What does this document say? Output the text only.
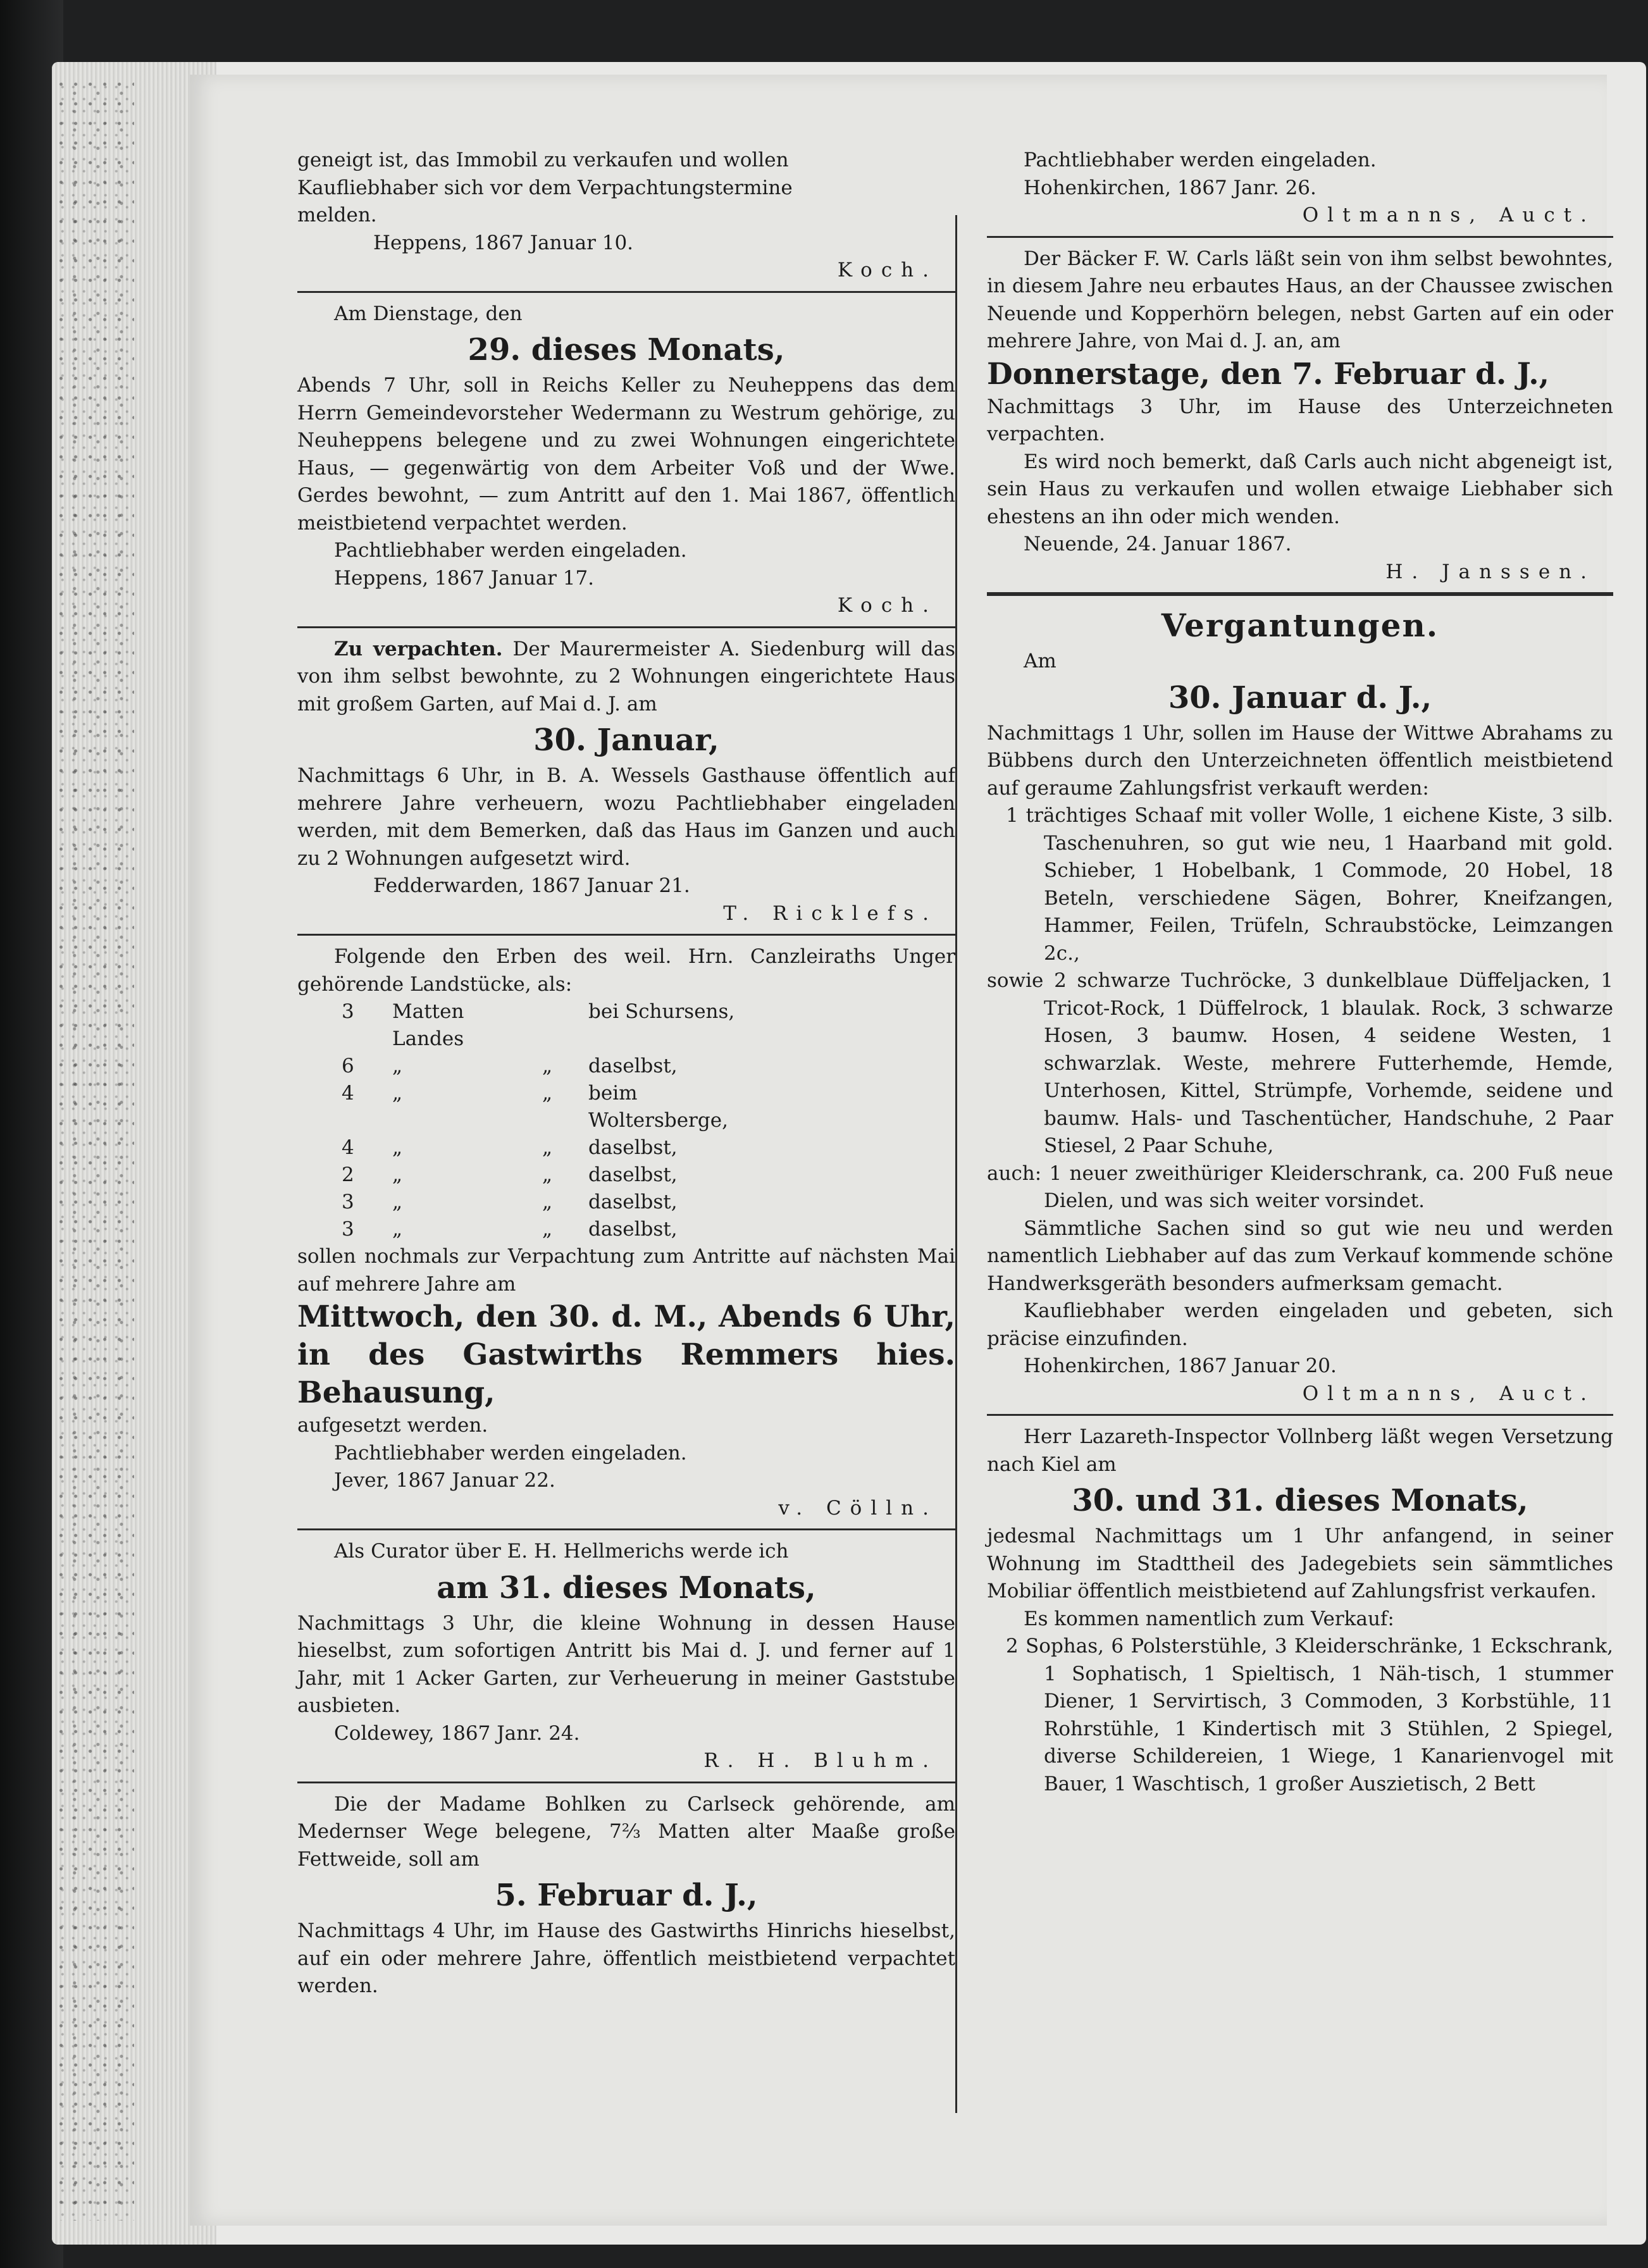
geneigt ist, das Immobil zu verkaufen und wollen

Kaufliebhaber sich vor dem Verpachtungstermine

melden.

Heppens, 1867 Januar 10.

Koch.

Am Dienstage, den

29. dieses Monats,

Abends 7 Uhr, soll in Reichs Keller zu Neuheppens das dem Herrn Gemeindevorsteher Wedermann zu Westrum gehörige, zu Neuheppens belegene und zu zwei Wohnungen eingerichtete Haus, — gegenwärtig von dem Arbeiter Voß und der Wwe. Gerdes bewohnt, — zum Antritt auf den 1. Mai 1867, öffentlich meistbietend verpachtet werden.

Pachtliebhaber werden eingeladen.

Heppens, 1867 Januar 17.

Koch.

Zu verpachten. Der Maurermeister A. Siedenburg will das von ihm selbst bewohnte, zu 2 Wohnungen eingerichtete Haus mit großem Garten, auf Mai d. J. am

30. Januar,

Nachmittags 6 Uhr, in B. A. Wessels Gasthause öffentlich auf mehrere Jahre verheuern, wozu Pachtliebhaber eingeladen werden, mit dem Bemerken, daß das Haus im Ganzen und auch zu 2 Wohnungen aufgesetzt wird.

Fedderwarden, 1867 Januar 21.

T. Ricklefs.

Folgende den Erben des weil. Hrn. Canzleiraths Unger gehörende Landstücke, als:

3	Matten Landes		bei Schursens,
6	„	„	daselbst,
4	„	„	beim Woltersberge,
4	„	„	daselbst,
2	„	„	daselbst,
3	„	„	daselbst,
3	„	„	daselbst,

sollen nochmals zur Verpachtung zum Antritte auf nächsten Mai auf mehrere Jahre am

Mittwoch, den 30. d. M., Abends 6 Uhr, in des Gastwirths Remmers hies. Behausung,

aufgesetzt werden.

Pachtliebhaber werden eingeladen.

Jever, 1867 Januar 22.

v. Cölln.

Als Curator über E. H. Hellmerichs werde ich

am 31. dieses Monats,

Nachmittags 3 Uhr, die kleine Wohnung in dessen Hause hieselbst, zum sofortigen Antritt bis Mai d. J. und ferner auf 1 Jahr, mit 1 Acker Garten, zur Verheuerung in meiner Gaststube ausbieten.

Coldewey, 1867 Janr. 24.

R. H. Bluhm.

Die der Madame Bohlken zu Carlseck gehörende, am Medernser Wege belegene, 7⅔ Matten alter Maaße große Fettweide, soll am

5. Februar d. J.,

Nachmittags 4 Uhr, im Hause des Gastwirths Hinrichs hieselbst, auf ein oder mehrere Jahre, öffentlich meistbietend verpachtet werden.

Pachtliebhaber werden eingeladen.

Hohenkirchen, 1867 Janr. 26.

Oltmanns, Auct.

Der Bäcker F. W. Carls läßt sein von ihm selbst bewohntes, in diesem Jahre neu erbautes Haus, an der Chaussee zwischen Neuende und Kopperhörn belegen, nebst Garten auf ein oder mehrere Jahre, von Mai d. J. an, am

Donnerstage, den 7. Februar d. J.,

Nachmittags 3 Uhr, im Hause des Unterzeichneten verpachten.

Es wird noch bemerkt, daß Carls auch nicht abgeneigt ist, sein Haus zu verkaufen und wollen etwaige Liebhaber sich ehestens an ihn oder mich wenden.

Neuende, 24. Januar 1867.

H. Janssen.

Vergantungen.

Am

30. Januar d. J.,

Nachmittags 1 Uhr, sollen im Hause der Wittwe Abrahams zu Bübbens durch den Unterzeichneten öffentlich meistbietend auf geraume Zahlungsfrist verkauft werden:

1 trächtiges Schaaf mit voller Wolle, 1 eichene Kiste, 3 silb. Taschenuhren, so gut wie neu, 1 Haarband mit gold. Schieber, 1 Hobelbank, 1 Commode, 20 Hobel, 18 Beteln, verschiedene Sägen, Bohrer, Kneifzangen, Hammer, Feilen, Trüfeln, Schraubstöcke, Leimzangen 2c.,

sowie 2 schwarze Tuchröcke, 3 dunkelblaue Düffeljacken, 1 Tricot-Rock, 1 Düffelrock, 1 blaulak. Rock, 3 schwarze Hosen, 3 baumw. Hosen, 4 seidene Westen, 1 schwarzlak. Weste, mehrere Futterhemde, Hemde, Unterhosen, Kittel, Strümpfe, Vorhemde, seidene und baumw. Hals- und Taschentücher, Handschuhe, 2 Paar Stiesel, 2 Paar Schuhe,

auch: 1 neuer zweithüriger Kleiderschrank, ca. 200 Fuß neue Dielen, und was sich weiter vorsindet.

Sämmtliche Sachen sind so gut wie neu und werden namentlich Liebhaber auf das zum Verkauf kommende schöne Handwerksgeräth besonders aufmerksam gemacht.

Kaufliebhaber werden eingeladen und gebeten, sich präcise einzufinden.

Hohenkirchen, 1867 Januar 20.

Oltmanns, Auct.

Herr Lazareth-Inspector Vollnberg läßt wegen Versetzung nach Kiel am

30. und 31. dieses Monats,

jedesmal Nachmittags um 1 Uhr anfangend, in seiner Wohnung im Stadttheil des Jadegebiets sein sämmtliches Mobiliar öffentlich meistbietend auf Zahlungsfrist verkaufen.

Es kommen namentlich zum Verkauf:

2 Sophas, 6 Polsterstühle, 3 Kleiderschränke, 1 Eckschrank, 1 Sophatisch, 1 Spieltisch, 1 Näh-tisch, 1 stummer Diener, 1 Servirtisch, 3 Commoden, 3 Korbstühle, 11 Rohrstühle, 1 Kindertisch mit 3 Stühlen, 2 Spiegel, diverse Schildereien, 1 Wiege, 1 Kanarienvogel mit Bauer, 1 Waschtisch, 1 großer Auszietisch, 2 Bett
